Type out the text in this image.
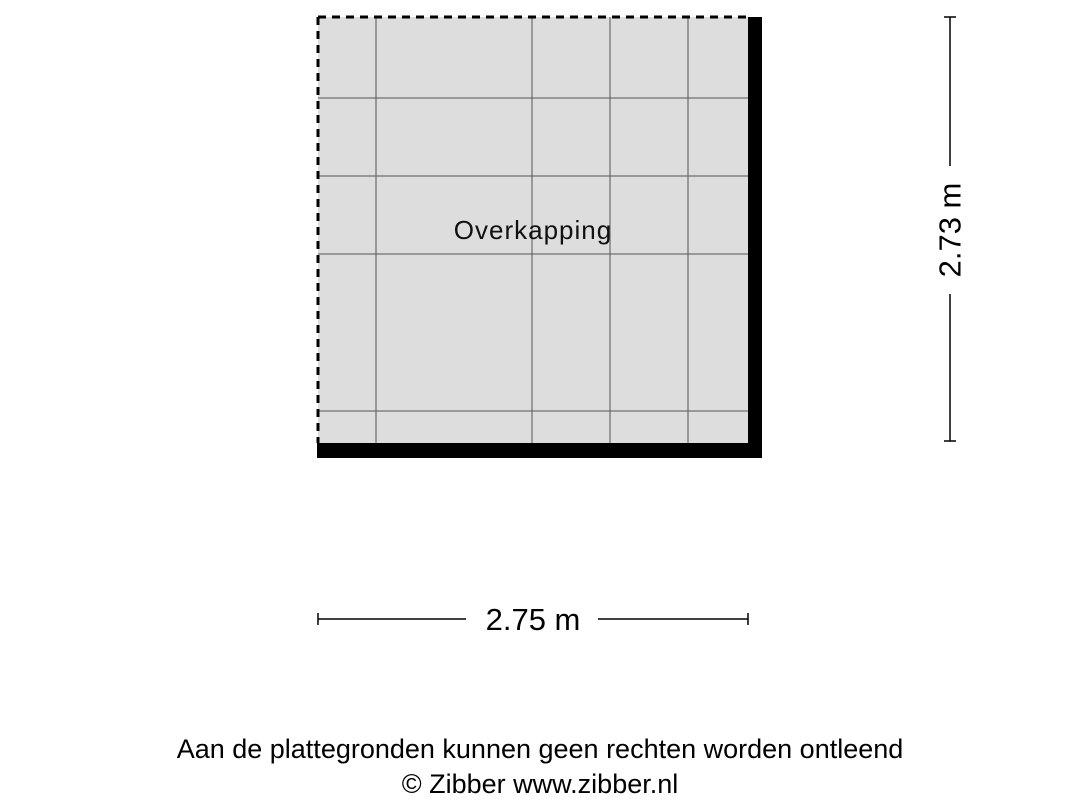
Overkapping
2.75 m
2.73 m
Aan de plattegronden kunnen geen rechten worden ontleend
© Zibber www.zibber.nl
